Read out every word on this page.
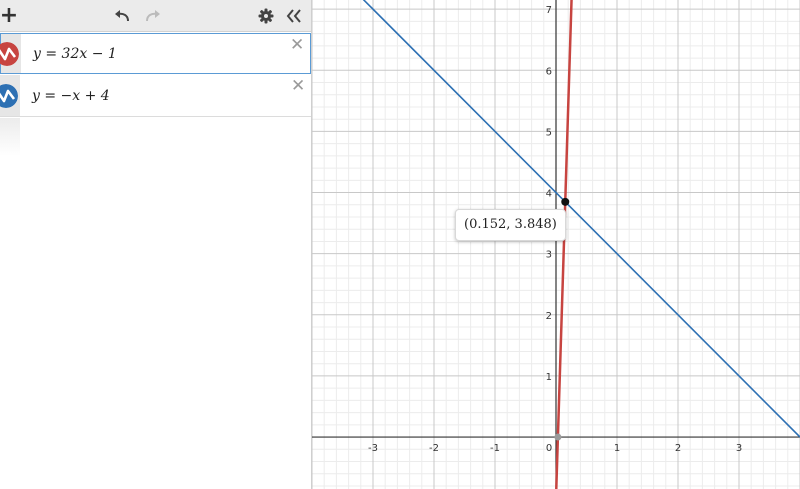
+
y = 32x − 1	✕
y = −x + 4	✕
-3	-2	-1	0	1	2	3
1
2
3
4
5
6
7
(0.152, 3.848)
